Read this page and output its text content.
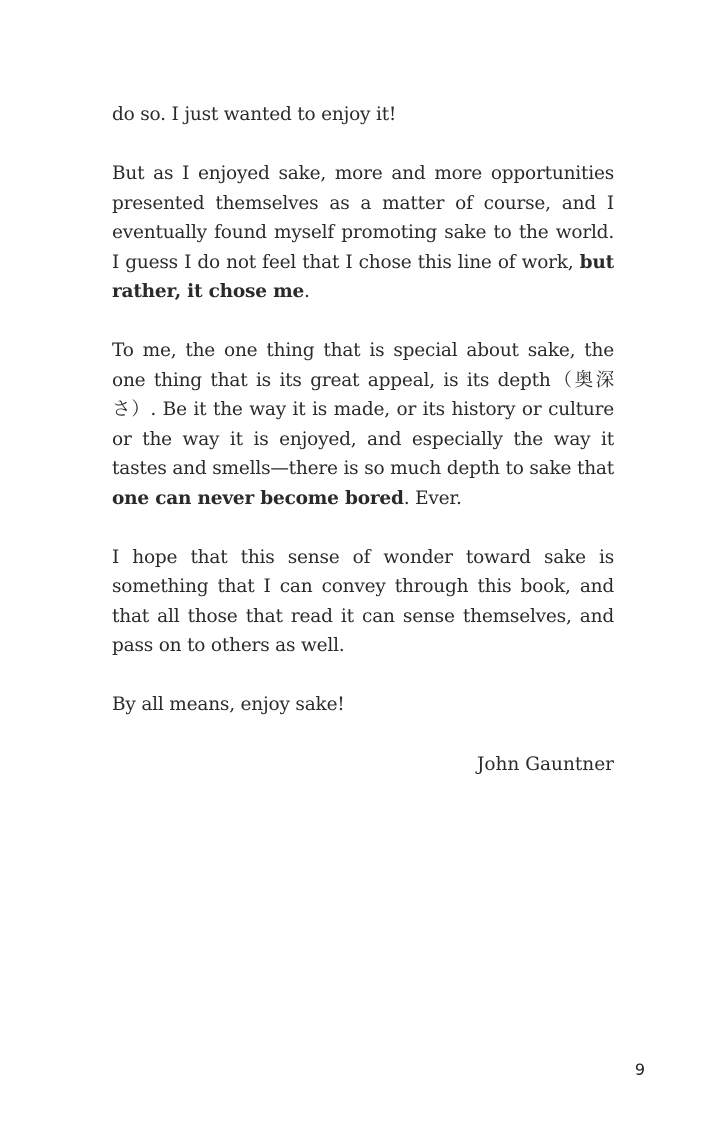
do so. I just wanted to enjoy it!

But as I enjoyed sake, more and more opportunities presented themselves as a matter of course, and I eventually found myself promoting sake to the world. I guess I do not feel that I chose this line of work, but rather, it chose me.

To me, the one thing that is special about sake, the one thing that is its great appeal, is its depth（奥深さ）. Be it the way it is made, or its history or culture or the way it is enjoyed, and especially the way it tastes and smells—there is so much depth to sake that one can never become bored. Ever.

I hope that this sense of wonder toward sake is something that I can convey through this book, and that all those that read it can sense themselves, and pass on to others as well.

By all means, enjoy sake!

John Gauntner
9
